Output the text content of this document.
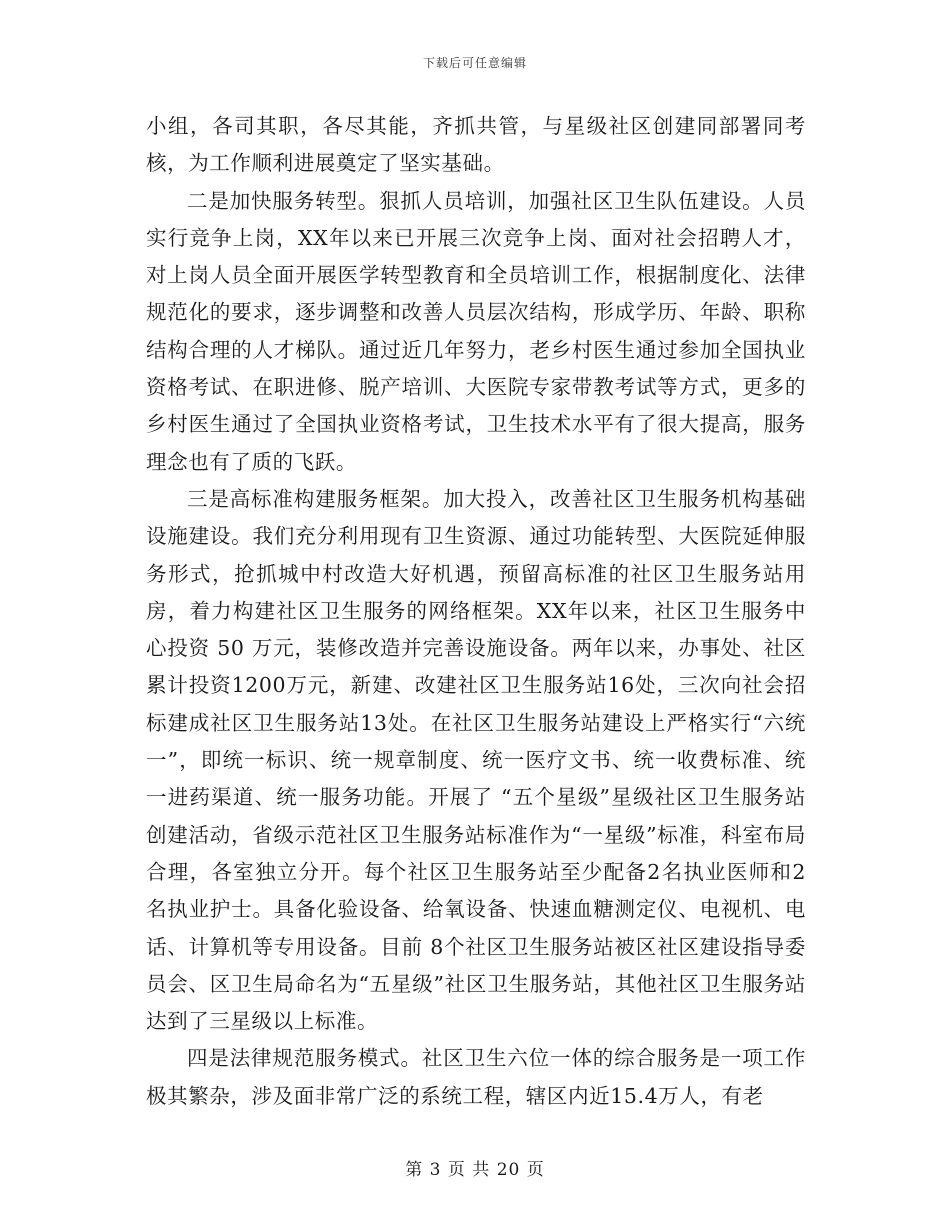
下载后可任意编辑

小组，各司其职，各尽其能，齐抓共管，与星级社区创建同部署同考核，为工作顺利进展奠定了坚实基础。

二是加快服务转型。狠抓人员培训，加强社区卫生队伍建设。人员实行竞争上岗，XX年以来已开展三次竞争上岗、面对社会招聘人才，对上岗人员全面开展医学转型教育和全员培训工作，根据制度化、法律规范化的要求，逐步调整和改善人员层次结构，形成学历、年龄、职称结构合理的人才梯队。通过近几年努力，老乡村医生通过参加全国执业资格考试、在职进修、脱产培训、大医院专家带教考试等方式，更多的乡村医生通过了全国执业资格考试，卫生技术水平有了很大提高，服务理念也有了质的飞跃。

三是高标准构建服务框架。加大投入，改善社区卫生服务机构基础设施建设。我们充分利用现有卫生资源、通过功能转型、大医院延伸服务形式，抢抓城中村改造大好机遇，预留高标准的社区卫生服务站用房，着力构建社区卫生服务的网络框架。XX年以来，社区卫生服务中心投资 50 万元，装修改造并完善设施设备。两年以来，办事处、社区累计投资1200万元，新建、改建社区卫生服务站16处，三次向社会招标建成社区卫生服务站13处。在社区卫生服务站建设上严格实行“六统一”，即统一标识、统一规章制度、统一医疗文书、统一收费标准、统一进药渠道、统一服务功能。开展了 “五个星级”星级社区卫生服务站创建活动，省级示范社区卫生服务站标准作为“一星级”标准，科室布局合理，各室独立分开。每个社区卫生服务站至少配备2名执业医师和2名执业护士。具备化验设备、给氧设备、快速血糖测定仪、电视机、电话、计算机等专用设备。目前 8个社区卫生服务站被区社区建设指导委员会、区卫生局命名为“五星级”社区卫生服务站，其他社区卫生服务站达到了三星级以上标准。

四是法律规范服务模式。社区卫生六位一体的综合服务是一项工作极其繁杂，涉及面非常广泛的系统工程，辖区内近15.4万人，有老

第 3 页 共 20 页
